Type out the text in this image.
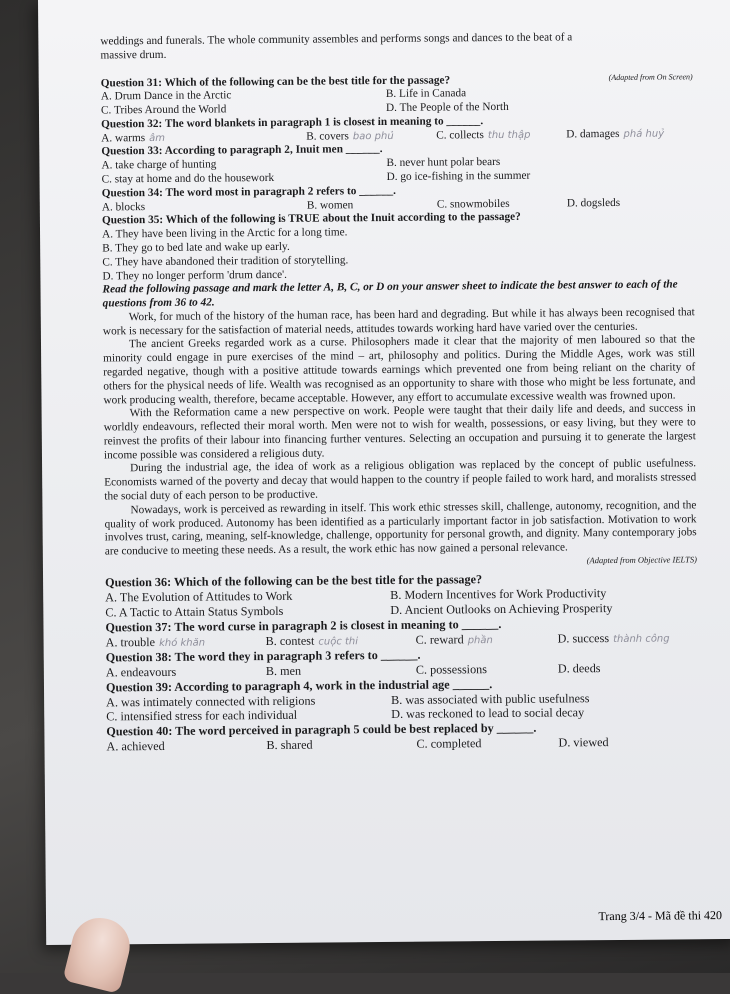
weddings and funerals. The whole community assembles and performs songs and dances to the beat of a
massive drum.
Question 31: Which of the following can be the best title for the passage?	(Adapted from On Screen)
A. Drum Dance in the Arctic	B. Life in Canada
C. Tribes Around the World	D. The People of the North
Question 32: The word blankets in paragraph 1 is closest in meaning to ______.
A. warms âm	B. covers bao phủ	C. collects thu thập	D. damages phá huỷ
Question 33: According to paragraph 2, Inuit men ______.
A. take charge of hunting	B. never hunt polar bears
C. stay at home and do the housework	D. go ice-fishing in the summer
Question 34: The word most in paragraph 2 refers to ______.
A. blocks	B. women	C. snowmobiles	D. dogsleds
Question 35: Which of the following is TRUE about the Inuit according to the passage?
A. They have been living in the Arctic for a long time.
B. They go to bed late and wake up early.
C. They have abandoned their tradition of storytelling.
D. They no longer perform 'drum dance'.
Read the following passage and mark the letter A, B, C, or D on your answer sheet to indicate the best answer to each of the questions from 36 to 42.
Work, for much of the history of the human race, has been hard and degrading. But while it has always been recognised that work is necessary for the satisfaction of material needs, attitudes towards working hard have varied over the centuries.
The ancient Greeks regarded work as a curse. Philosophers made it clear that the majority of men laboured so that the minority could engage in pure exercises of the mind – art, philosophy and politics. During the Middle Ages, work was still regarded negative, though with a positive attitude towards earnings which prevented one from being reliant on the charity of others for the physical needs of life. Wealth was recognised as an opportunity to share with those who might be less fortunate, and work producing wealth, therefore, became acceptable. However, any effort to accumulate excessive wealth was frowned upon.
With the Reformation came a new perspective on work. People were taught that their daily life and deeds, and success in worldly endeavours, reflected their moral worth. Men were not to wish for wealth, possessions, or easy living, but they were to reinvest the profits of their labour into financing further ventures. Selecting an occupation and pursuing it to generate the largest income possible was considered a religious duty.
During the industrial age, the idea of work as a religious obligation was replaced by the concept of public usefulness. Economists warned of the poverty and decay that would happen to the country if people failed to work hard, and moralists stressed the social duty of each person to be productive.
Nowadays, work is perceived as rewarding in itself. This work ethic stresses skill, challenge, autonomy, recognition, and the quality of work produced. Autonomy has been identified as a particularly important factor in job satisfaction. Motivation to work involves trust, caring, meaning, self-knowledge, challenge, opportunity for personal growth, and dignity. Many contemporary jobs are conducive to meeting these needs. As a result, the work ethic has now gained a personal relevance.
(Adapted from Objective IELTS)
Question 36: Which of the following can be the best title for the passage?
A. The Evolution of Attitudes to Work	B. Modern Incentives for Work Productivity
C. A Tactic to Attain Status Symbols	D. Ancient Outlooks on Achieving Prosperity
Question 37: The word curse in paragraph 2 is closest in meaning to ______.
A. trouble khó khăn	B. contest cuộc thi	C. reward phần	D. success thành công
Question 38: The word they in paragraph 3 refers to ______.
A. endeavours	B. men	C. possessions	D. deeds
Question 39: According to paragraph 4, work in the industrial age ______.
A. was intimately connected with religions	B. was associated with public usefulness
C. intensified stress for each individual	D. was reckoned to lead to social decay
Question 40: The word perceived in paragraph 5 could be best replaced by ______.
A. achieved	B. shared	C. completed	D. viewed
Trang 3/4 - Mã đề thi 420
